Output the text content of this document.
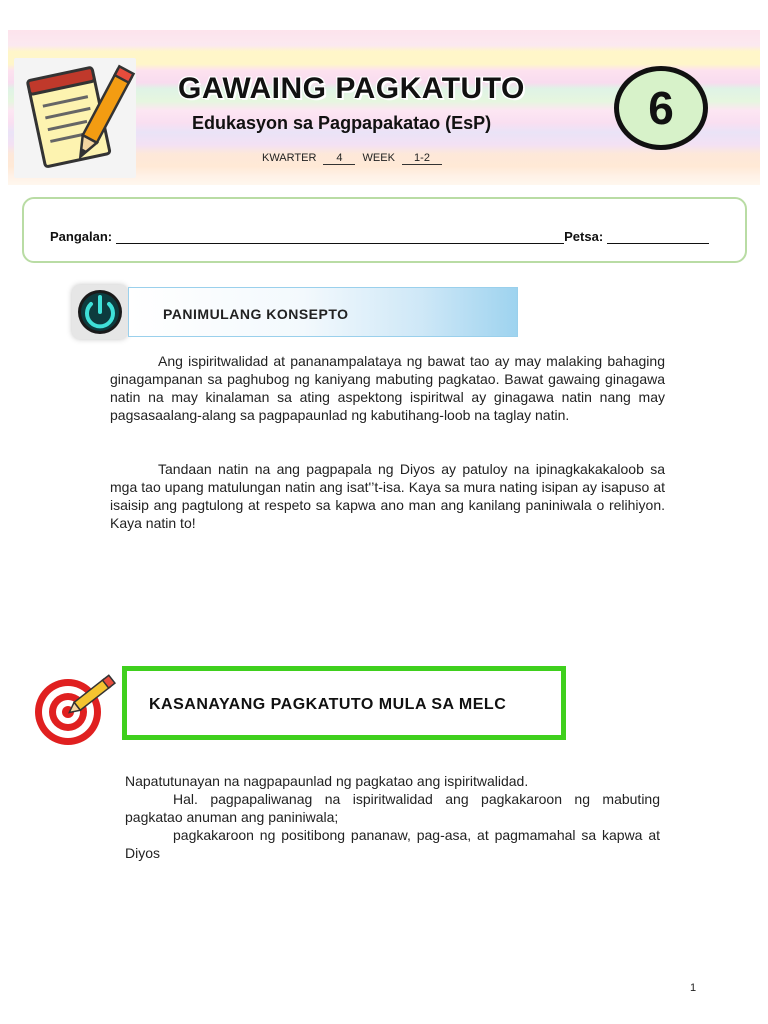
GAWAING PAGKATUTO
Edukasyon sa Pagpapakatao (EsP)
KWARTER 4 WEEK 1-2
6
Pangalan:	Petsa:
PANIMULANG KONSEPTO
Ang ispiritwalidad at pananampalataya ng bawat tao ay may malaking bahaging ginagampanan sa paghubog ng kaniyang mabuting pagkatao. Bawat gawaing ginagawa natin na may kinalaman sa ating aspektong ispiritwal ay ginagawa natin nang may pagsasaalang-alang sa pagpapaunlad ng kabutihang-loob na taglay natin.
Tandaan natin na ang pagpapala ng Diyos ay patuloy na ipinagkakakaloob sa mga tao upang matulungan natin ang isat'’t-isa. Kaya sa mura nating isipan ay isapuso at isaisip ang pagtulong at respeto sa kapwa ano man ang kanilang paniniwala o relihiyon. Kaya natin to!
KASANAYANG PAGKATUTO MULA SA MELC
Napatutunayan na nagpapaunlad ng pagkatao ang ispiritwalidad.
Hal. pagpapaliwanag na ispiritwalidad ang pagkakaroon ng mabuting pagkatao anuman ang paniniwala;
pagkakaroon ng positibong pananaw, pag-asa, at pagmamahal sa kapwa at Diyos
1
